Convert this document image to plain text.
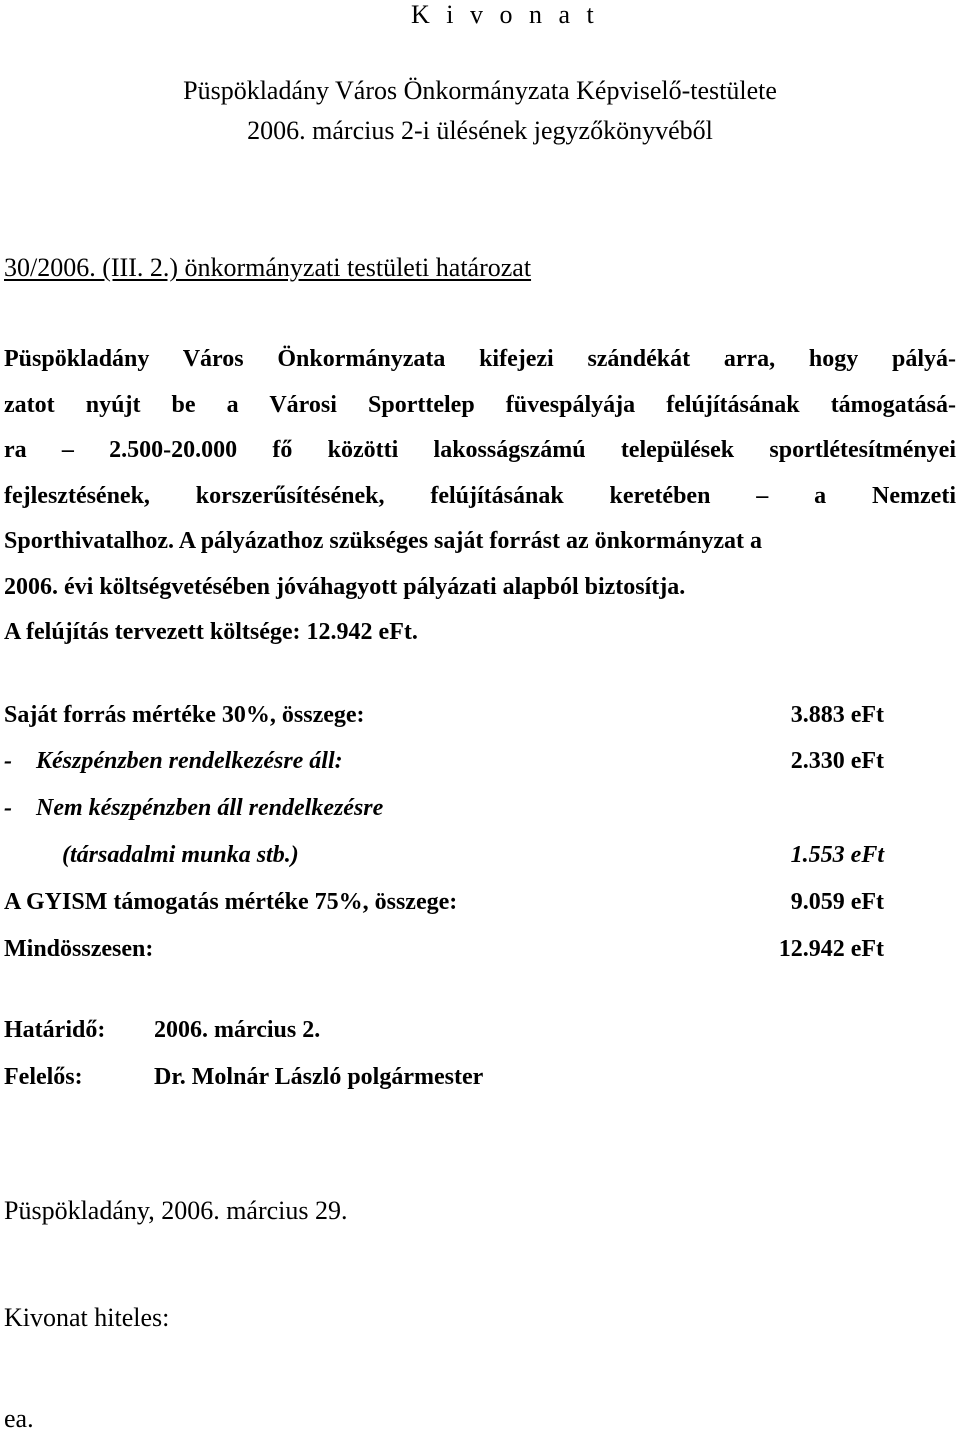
K i v o n a t
Püspökladány Város Önkormányzata Képviselő-testülete
2006. március 2-i ülésének jegyzőkönyvéből
30/2006. (III. 2.) önkormányzati testületi határozat
Püspökladány Város Önkormányzata kifejezi szándékát arra, hogy pályá-
zatot nyújt be a Városi Sporttelep füvespályája felújításának támogatásá-
ra – 2.500-20.000 fő közötti lakosságszámú települések sportlétesítményei
fejlesztésének, korszerűsítésének, felújításának keretében – a Nemzeti
Sporthivatalhoz. A pályázathoz szükséges saját forrást az önkormányzat a
2006. évi költségvetésében jóváhagyott pályázati alapból biztosítja.
A felújítás tervezett költsége: 12.942 eFt.
Saját forrás mértéke 30%, összege:	3.883 eFt
-    Készpénzben rendelkezésre áll:	2.330 eFt
-    Nem készpénzben áll rendelkezésre
(társadalmi munka stb.)	1.553 eFt
A GYISM támogatás mértéke 75%, összege:	9.059 eFt
Mindösszesen:	12.942 eFt
Határidő: 2006. március 2.
Felelős:	Dr. Molnár László polgármester
Püspökladány, 2006. március 29.
Kivonat hiteles:
ea.
